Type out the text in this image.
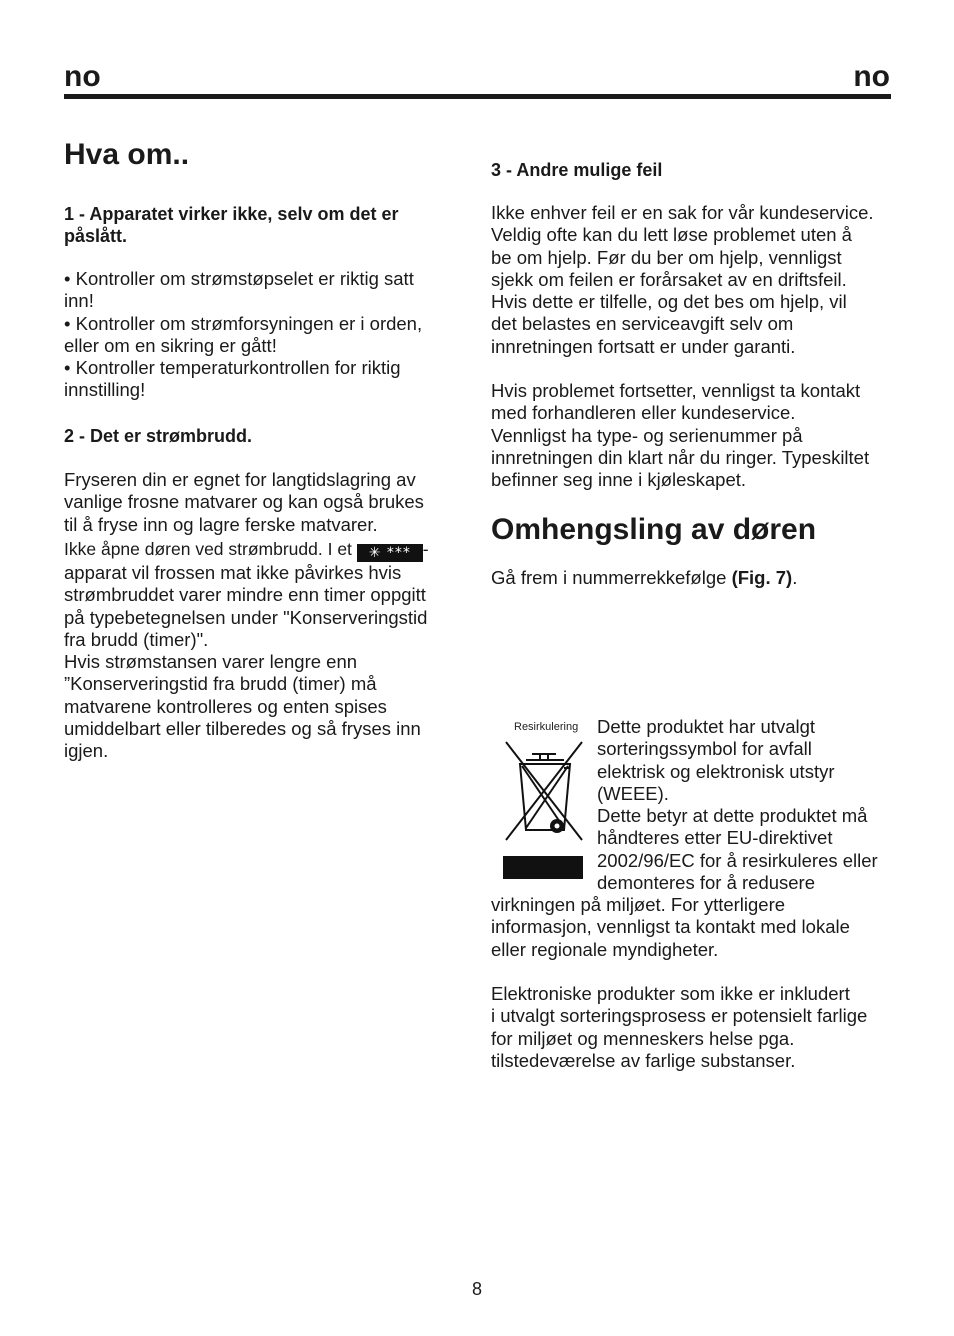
no	no
Hva om..
1 - Apparatet virker ikke, selv om det er
påslått.
• Kontroller om strømstøpselet er riktig satt
inn!
• Kontroller om strømforsyningen er i orden,
eller om en sikring er gått!
• Kontroller temperaturkontrollen for riktig
innstilling!
2 - Det er strømbrudd.
Fryseren din er egnet for langtidslagring av
vanlige frosne matvarer og kan også brukes
til å fryse inn og lagre ferske matvarer.
Ikke åpne døren ved strømbrudd. I et ✳ *** -
apparat vil frossen mat ikke påvirkes hvis
strømbruddet varer mindre enn timer oppgitt
på typebetegnelsen under "Konserveringstid
fra brudd (timer)".
Hvis strømstansen varer lengre enn
”Konserveringstid fra brudd (timer) må
matvarene kontrolleres og enten spises
umiddelbart eller tilberedes og så fryses inn
igjen.
3 - Andre mulige feil
Ikke enhver feil er en sak for vår kundeservice.
Veldig ofte kan du lett løse problemet uten å
be om hjelp. Før du ber om hjelp, vennligst
sjekk om feilen er forårsaket av en driftsfeil.
Hvis dette er tilfelle, og det bes om hjelp, vil
det belastes en serviceavgift selv om
innretningen fortsatt er under garanti.
Hvis problemet fortsetter, vennligst ta kontakt
med forhandleren eller kundeservice.
Vennligst ha type- og serienummer på
innretningen din klart når du ringer. Typeskiltet
befinner seg inne i kjøleskapet.
Omhengsling av døren
Gå frem i nummerrekkefølge (Fig. 7).
Resirkulering Dette produktet har utvalgt
sorteringssymbol for avfall
elektrisk og elektronisk utstyr
(WEEE).
Dette betyr at dette produktet må
håndteres etter EU-direktivet
2002/96/EC for å resirkuleres eller
demonteres for å redusere
virkningen på miljøet. For ytterligere
informasjon, vennligst ta kontakt med lokale
eller regionale myndigheter.
Elektroniske produkter som ikke er inkludert
i utvalgt sorteringsprosess er potensielt farlige
for miljøet og menneskers helse pga.
tilstedeværelse av farlige substanser.
8
